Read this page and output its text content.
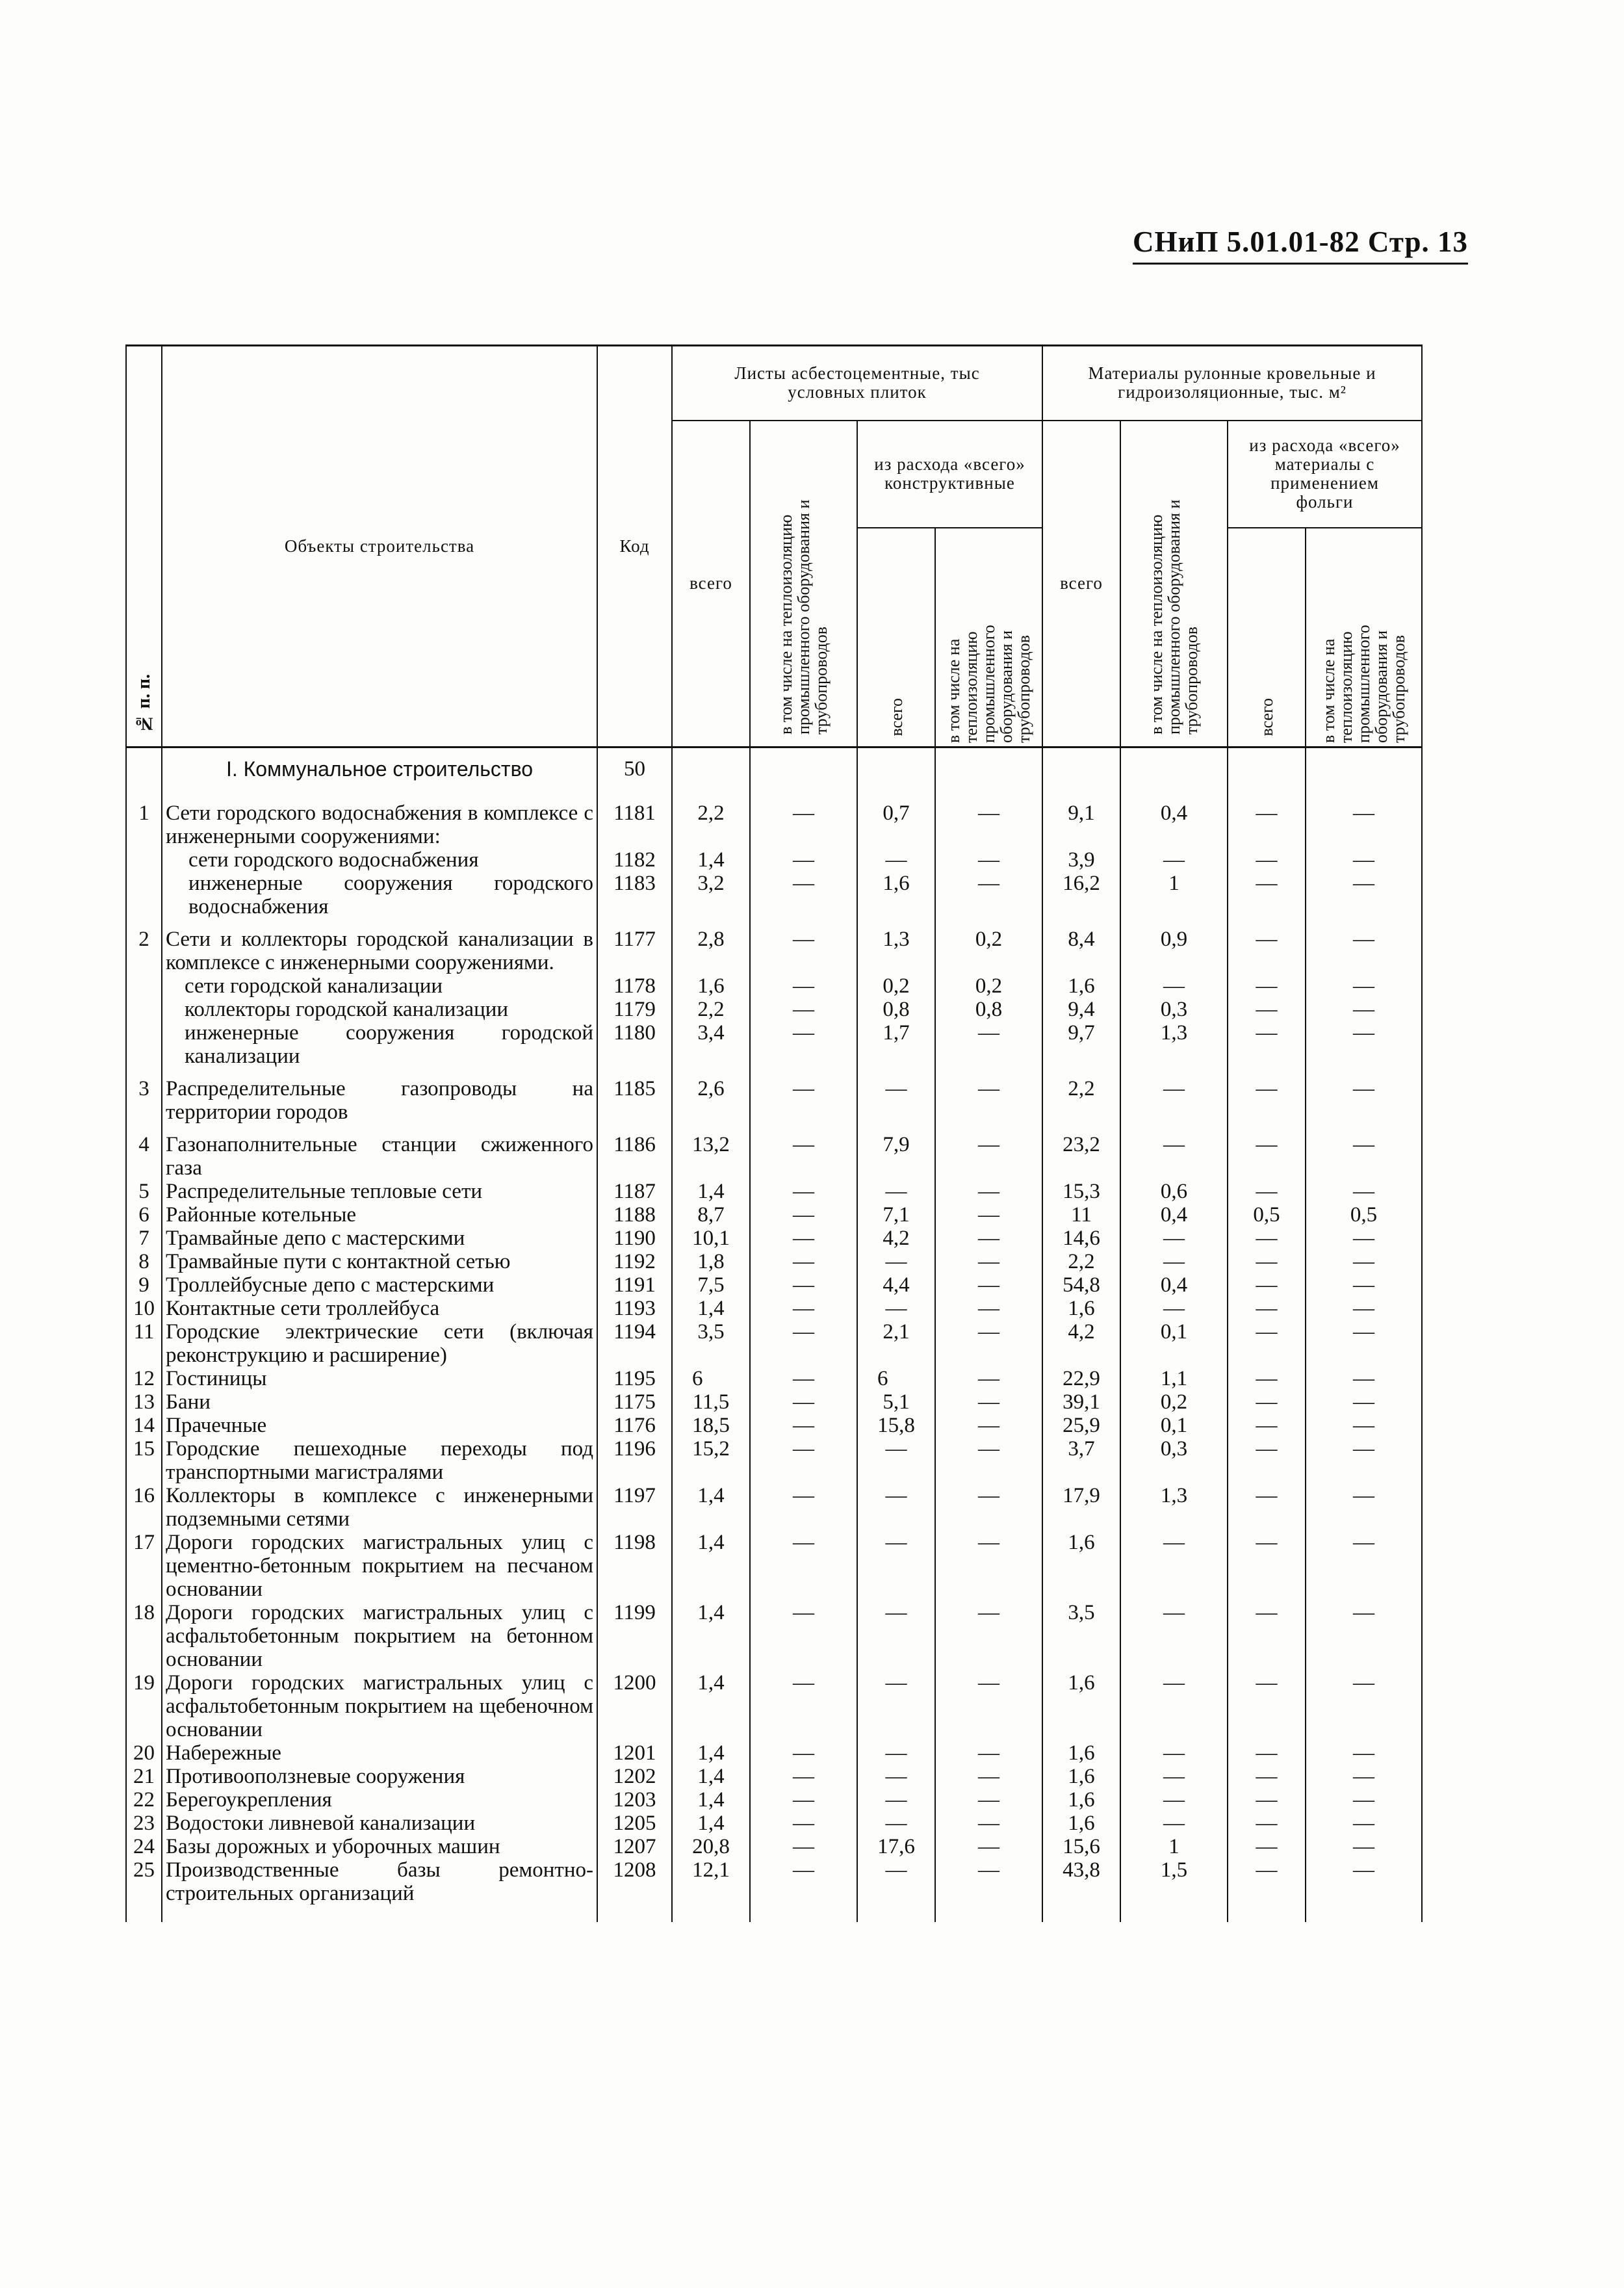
СНиП 5.01.01-82 Стр. 13
№ п. п.	Объекты строительства	Код	Листы асбестоцементные, тыс условных плиток				Материалы рулонные кровельные и гидроизоляционные, тыс. м²			
			всего	в том числе на теплоизоляцию промышленного оборудования и трубопроводов	из расхода «всего» конструктивные		всего	в том числе на теплоизоляцию промышленного оборудования и трубопроводов	из расхода «всего» материалы с применением фольги	
					всего	в том числе на теплоизоляцию промышленного оборудования и трубопроводов			всего	в том числе на теплоизоляцию промышленного оборудования и трубопроводов
	I. Коммунальное строительство	50								
1	Сети городского водоснабжения в комплексе с инженерными сооружениями:	1181	2,2	—	0,7	—	9,1	0,4	—	—
	сети городского водоснабжения	1182	1,4	—	—	—	3,9	—	—	—
	инженерные сооружения городского водоснабжения	1183	3,2	—	1,6	—	16,2	1	—	—
2	Сети и коллекторы городской канализации в комплексе с инженерными сооружениями.	1177	2,8	—	1,3	0,2	8,4	0,9	—	—
	сети городской канализации	1178	1,6	—	0,2	0,2	1,6	—	—	—
	коллекторы городской канализации	1179	2,2	—	0,8	0,8	9,4	0,3	—	—
	инженерные сооружения городской канализации	1180	3,4	—	1,7	—	9,7	1,3	—	—
3	Распределительные газопроводы на территории городов	1185	2,6	—	—	—	2,2	—	—	—
4	Газонаполнительные станции сжиженного газа	1186	13,2	—	7,9	—	23,2	—	—	—
5	Распределительные тепловые сети	1187	1,4	—	—	—	15,3	0,6	—	—
6	Районные котельные	1188	8,7	—	7,1	—	11	0,4	0,5	0,5
7	Трамвайные депо с мастерскими	1190	10,1	—	4,2	—	14,6	—	—	—
8	Трамвайные пути с контактной сетью	1192	1,8	—	—	—	2,2	—	—	—
9	Троллейбусные депо с мастерскими	1191	7,5	—	4,4	—	54,8	0,4	—	—
10	Контактные сети троллейбуса	1193	1,4	—	—	—	1,6	—	—	—
11	Городские электрические сети (включая реконструкцию и расширение)	1194	3,5	—	2,1	—	4,2	0,1	—	—
12	Гостиницы	1195	6	—	6	—	22,9	1,1	—	—
13	Бани	1175	11,5	—	5,1	—	39,1	0,2	—	—
14	Прачечные	1176	18,5	—	15,8	—	25,9	0,1	—	—
15	Городские пешеходные переходы под транспортными магистралями	1196	15,2	—	—	—	3,7	0,3	—	—
16	Коллекторы в комплексе с инженерными подземными сетями	1197	1,4	—	—	—	17,9	1,3	—	—
17	Дороги городских магистральных улиц с цементно-бетонным покрытием на песчаном основании	1198	1,4	—	—	—	1,6	—	—	—
18	Дороги городских магистральных улиц с асфальтобетонным покрытием на бетонном основании	1199	1,4	—	—	—	3,5	—	—	—
19	Дороги городских магистральных улиц с асфальтобетонным покрытием на щебеночном основании	1200	1,4	—	—	—	1,6	—	—	—
20	Набережные	1201	1,4	—	—	—	1,6	—	—	—
21	Противооползневые сооружения	1202	1,4	—	—	—	1,6	—	—	—
22	Берегоукрепления	1203	1,4	—	—	—	1,6	—	—	—
23	Водостоки ливневой канализации	1205	1,4	—	—	—	1,6	—	—	—
24	Базы дорожных и уборочных машин	1207	20,8	—	17,6	—	15,6	1	—	—
25	Производственные базы ремонтно-строительных организаций	1208	12,1	—	—	—	43,8	1,5	—	—
